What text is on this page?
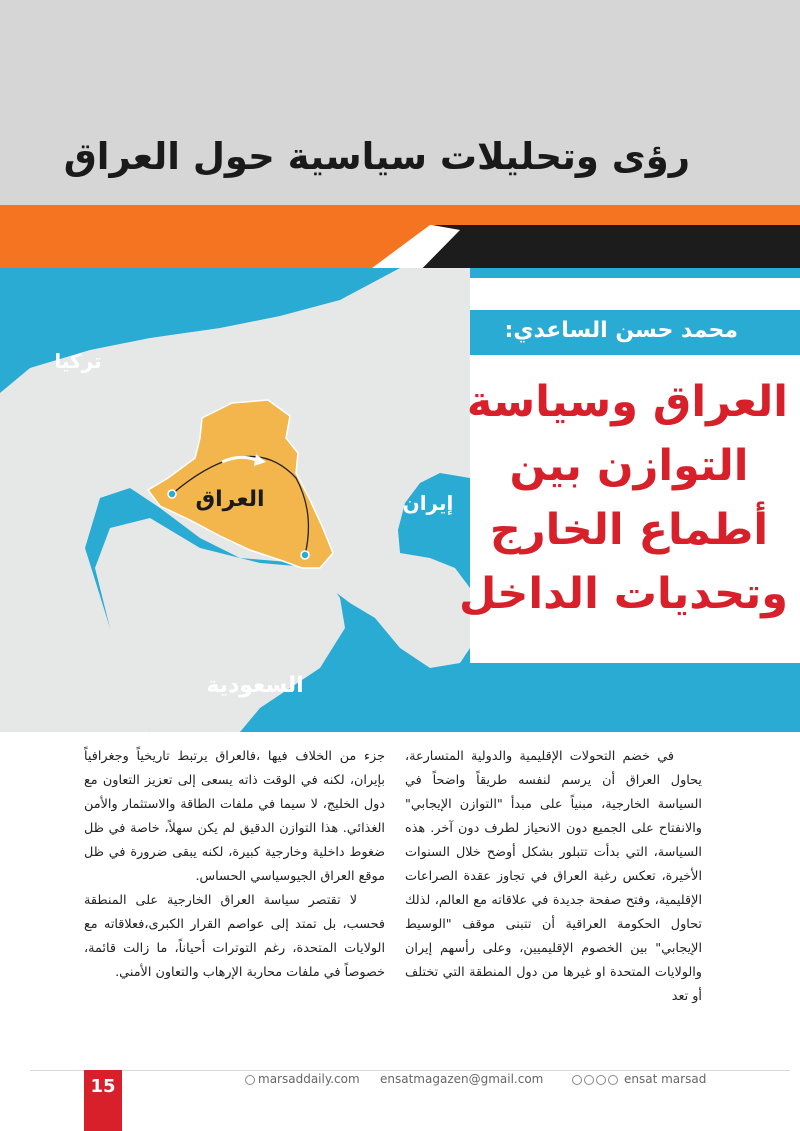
رؤى وتحليلات سياسية حول العراق
تركيا
العراق	إيران
السعودية
محمد حسن الساعدي:
العراق وسياسة
التوازن بين
أطماع الخارج
وتحديات الداخل

في خضم التحولات الإقليمية والدولية المتسارعة، يحاول العراق أن يرسم لنفسه طريقاً واضحاً في السياسة الخارجية، مبنياً على مبدأ "التوازن الإيجابي" والانفتاح على الجميع دون الانحياز لطرف دون آخر. هذه السياسة، التي بدأت تتبلور بشكل أوضح خلال السنوات الأخيرة، تعكس رغبة العراق في تجاوز عقدة الصراعات الإقليمية، وفتح صفحة جديدة في علاقاته مع العالم، لذلك تحاول الحكومة العراقية أن تتبنى موقف "الوسيط الإيجابي" بين الخصوم الإقليميين، وعلى رأسهم إيران والولايات المتحدة او غيرها من دول المنطقة التي تختلف أو تعد

جزء من الخلاف فيها ،فالعراق يرتبط تاريخياً وجغرافياً بإيران، لكنه في الوقت ذاته يسعى إلى تعزيز التعاون مع دول الخليج، لا سيما في ملفات الطاقة والاستثمار والأمن الغذائي. هذا التوازن الدقيق لم يكن سهلاً، خاصة في ظل ضغوط داخلية وخارجية كبيرة، لكنه يبقى ضرورة في ظل موقع العراق الجيوسياسي الحساس.

لا تقتصر سياسة العراق الخارجية على المنطقة فحسب، بل تمتد إلى عواصم القرار الكبرى،فعلاقاته مع الولايات المتحدة، رغم التوترات أحياناً، ما زالت قائمة، خصوصاً في ملفات محاربة الإرهاب والتعاون الأمني.

15	marsaddaily.com ensatmagazen@gmail.com	ensat marsad
